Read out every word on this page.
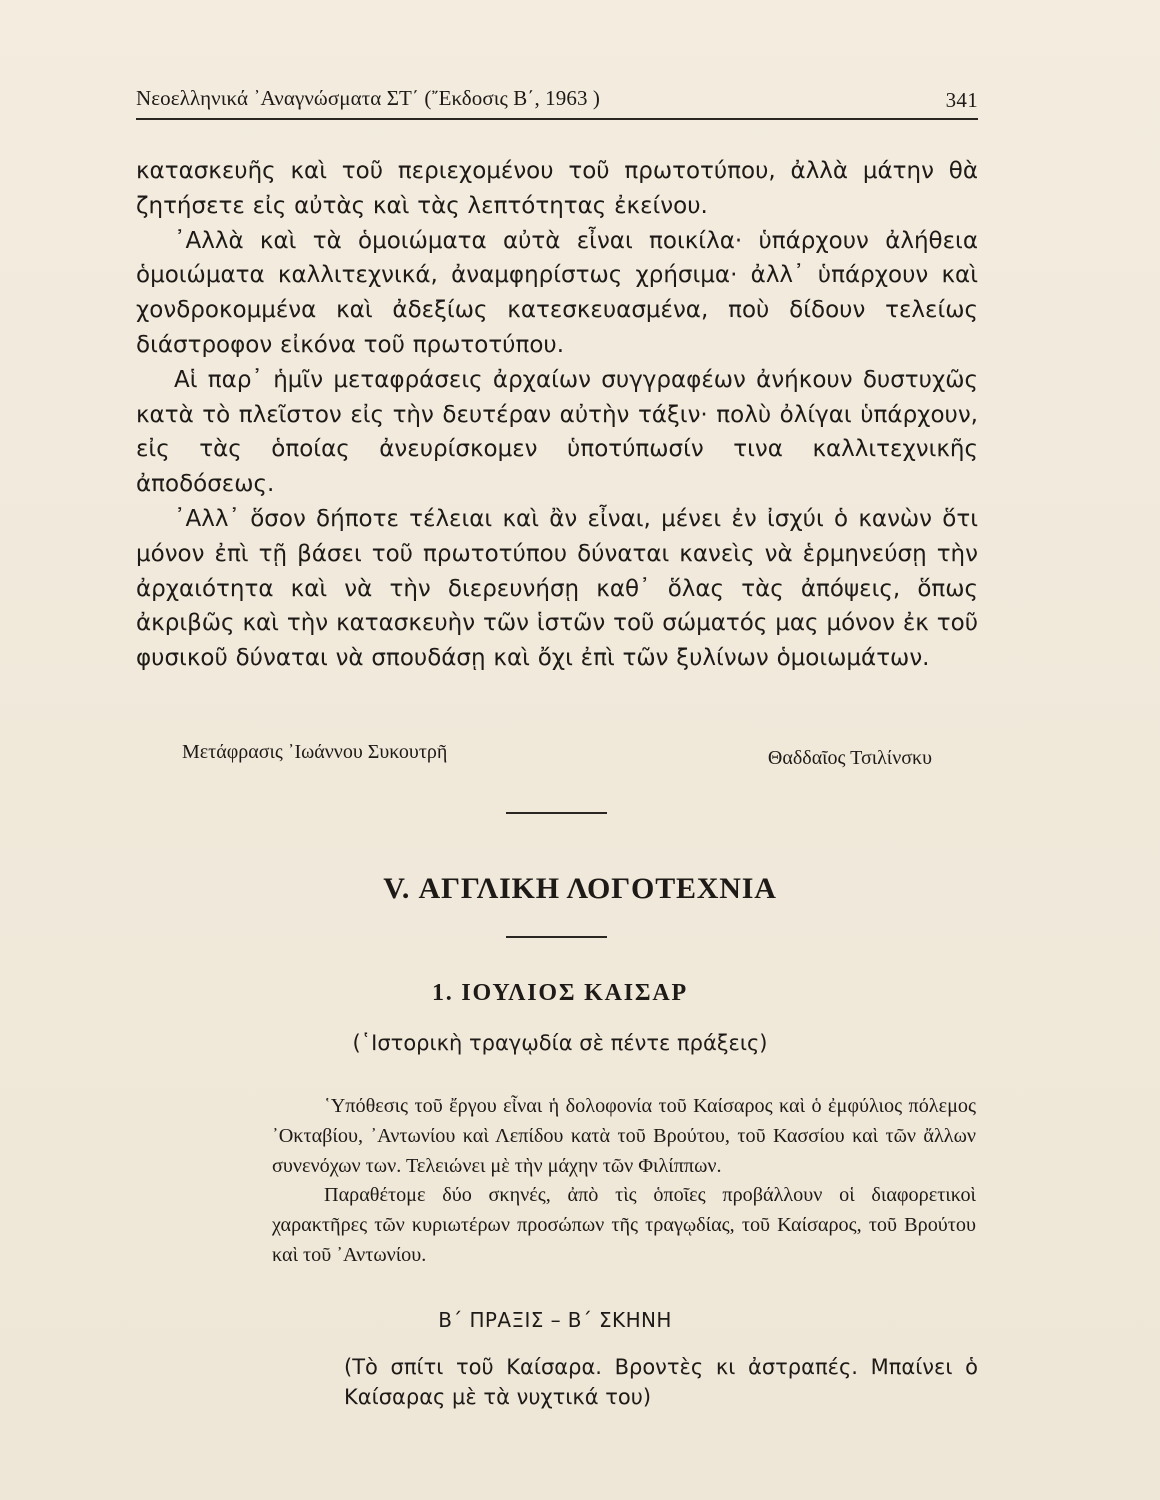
Νεοελληνικά ᾿Αναγνώσματα ΣΤ΄ (῎Εκδοσις Β΄, 1963 )	341

κατασκευῆς καὶ τοῦ περιεχομένου τοῦ πρωτοτύπου, ἀλλὰ μάτην θὰ ζητήσετε εἰς αὐτὰς καὶ τὰς λεπτότητας ἐκείνου.

᾿Αλλὰ καὶ τὰ ὁμοιώματα αὐτὰ εἶναι ποικίλα· ὑπάρχουν ἀλήθεια ὁμοιώματα καλλιτεχνικά, ἀναμφηρίστως χρήσιμα· ἀλλ᾿ ὑπάρχουν καὶ χονδροκομμένα καὶ ἀδεξίως κατεσκευασμένα, ποὺ δίδουν τελείως διάστροφον εἰκόνα τοῦ πρωτοτύπου.

Αἱ παρ᾿ ἡμῖν μεταφράσεις ἀρχαίων συγγραφέων ἀνήκουν δυστυχῶς κατὰ τὸ πλεῖστον εἰς τὴν δευτέραν αὐτὴν τάξιν· πολὺ ὀλίγαι ὑπάρχουν, εἰς τὰς ὁποίας ἀνευρίσκομεν ὑποτύπωσίν τινα καλλιτεχνικῆς ἀποδόσεως.

᾿Αλλ᾿ ὅσον δήποτε τέλειαι καὶ ἂν εἶναι, μένει ἐν ἰσχύι ὁ κανὼν ὅτι μόνον ἐπὶ τῇ βάσει τοῦ πρωτοτύπου δύναται κανεὶς νὰ ἑρμηνεύσῃ τὴν ἀρχαιότητα καὶ νὰ τὴν διερευνήσῃ καθ᾿ ὅλας τὰς ἀπόψεις, ὅπως ἀκριβῶς καὶ τὴν κατασκευὴν τῶν ἱστῶν τοῦ σώματός μας μόνον ἐκ τοῦ φυσικοῦ δύναται νὰ σπουδάσῃ καὶ ὄχι ἐπὶ τῶν ξυλίνων ὁμοιωμάτων.

Μετάφρασις ᾿Ιωάννου Συκουτρῆ	Θαδδαῖος Τσιλίνσκυ
V. ΑΓΓΛΙΚΗ ΛΟΓΟΤΕΧΝΙΑ
1. ΙΟΥΛΙΟΣ ΚΑΙΣΑΡ
(῾Ιστορικὴ τραγῳδία σὲ πέντε πράξεις)

῾Υπόθεσις τοῦ ἔργου εἶναι ἡ δολοφονία τοῦ Καίσαρος καὶ ὁ ἐμφύλιος πόλεμος ᾿Οκταβίου, ᾿Αντωνίου καὶ Λεπίδου κατὰ τοῦ Βρούτου, τοῦ Κασσίου καὶ τῶν ἄλλων συνενόχων των. Τελειώνει μὲ τὴν μάχην τῶν Φιλίππων.

Παραθέτομε δύο σκηνές, ἀπὸ τὶς ὁποῖες προβάλλουν οἱ διαφορετικοὶ χαρακτῆρες τῶν κυριωτέρων προσώπων τῆς τραγῳδίας, τοῦ Καίσαρος, τοῦ Βρούτου καὶ τοῦ ᾿Αντωνίου.

Β΄ ΠΡΑΞΙΣ – Β΄ ΣΚΗΝΗ
(Τὸ σπίτι τοῦ Καίσαρα. Βροντὲς κι ἀστραπές. Μπαίνει ὁ Καίσαρας μὲ τὰ νυχτικά του)
